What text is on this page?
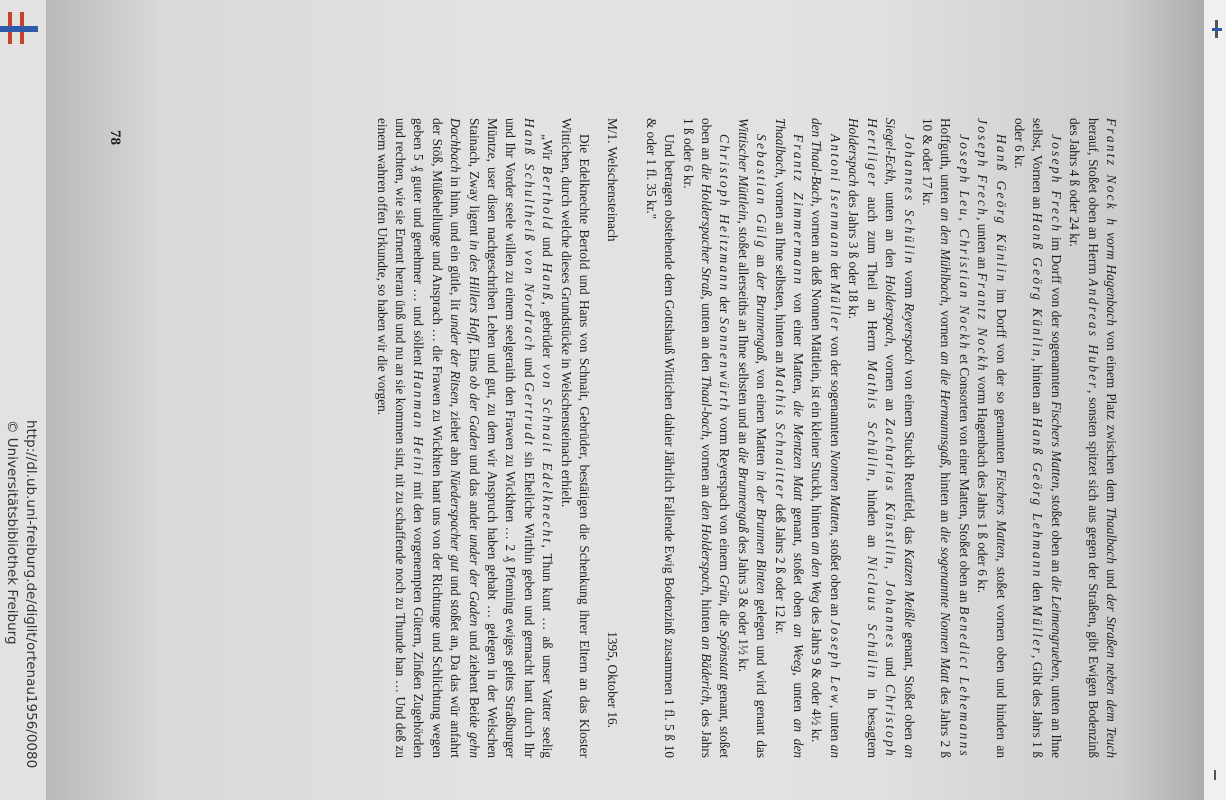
http://dl.ub.uni-freiburg.de/diglit/ortenau1956/0080
© Universitätsbibliothek Freiburg

Frantz Nock h vorm Hagenbach von einem Platz zwischen dem Thaalbach und der Straßen neben dem Teuch herauf, Stoßet oben an Herrn Andreas Huber, sonsten spitzet sich aus gegen der Straßen, gibt Ewigen Bodenzinß des Jahrs 4 ß oder 24 kr.

Joseph Frech im Dorff von der sogenannten Fischers Matten, stoßet oben an die Leimengrueben, unten an Ihne selbst, Vornen an Hanß Geörg Künlin, hinten an Hanß Geörg Lehmann den Müller, Gibt des Jahrs 1 ß oder 6 kr.

Hanß Geörg Künlin im Dorff von der so genannten Fischers Matten, stoßet vornen oben und hinden an Joseph Frech, unten an Frantz Nockh vorm Hagenbach des Jahrs 1 ß oder 6 kr.

Joseph Leu, Christian Nockh et Consorten von einer Matten, Stoßet oben an Benedict Lehemanns Hoffguth, unten an den Mühlbach, vornen an die Hermannsgaß, hinten an die sogenannte Nonnen Matt des Jahrs 2 ß 10 & oder 17 kr.

Johannes Schülin vorm Reyerspach von einem Stuckh Reutfeld, das Katzen Meißle genant, Stoßet oben an Siegel-Eckh, unten an den Holderspach, vornen an Zacharias Künstlin, Johannes und Christoph Hertliger auch zum Theil an Herrn Mathis Schülin, hinden an Niclaus Schülin in besagtem Holderspach des Jahrs 3 ß oder 18 kr.

Antoni Isenmann der Müller von der sogenannten Nonnen Matten, stoßet oben an Joseph Lew, unten an den Thaal-Bach, vornen an deß Nonnen Mättlein, ist ein kleiner Stuckh, hinten an den Weg des Jahrs 9 & oder 4½ kr.

Frantz Zimmermann von einer Matten, die Mentzen Matt genant, stoßet oben an Weeg, unten an den Thaalbach, vornen an Ihne selbsten, hinten an Mathis Schnaitter deß Jahrs 2 ß oder 12 kr.

Sebastian Gülg an der Brunnengaß, von einen Matten in der Brunnen Binten gelegen und wird genant das Wittischer Müttlein, stoßet allerseiths an Ihne selbsten und an die Brunnengaß des Jahrs 3 & oder 1½ kr.

Christoph Heitzmann der Sonnenwürth vorm Reyerspach von einem Grün, die Spönstatt genant, stoßet oben an die Holderspacher Straß, unten an den Thaal-bach, vornen an den Holderspach, hinten an Bäderich, des Jahrs 1 ß oder 6 kr.

Und betragen obstehende dem Gottshauß Wittichen dahier Jährlich Fallende Ewig Bodenzinß zusammen 1 fl. 5 ß 10 & oder 1 fl. 35 kr."

M/1. Welschensteinach
1395, Oktober 16.

Die Edelknechte Bertold und Hans von Schnait, Gebrüder, bestätigen die Schenkung ihrer Eltern an das Kloster Wittichen, durch welche dieses Grundstücke in Welschensteinach erhielt.

„Wir Berthold und Hanß, gebrüder von Schnait Edelknecht, Thun kunt … aß unser Vatter seelig Hanß Schultheiß von Nordrach und Gertrudt sin Eheliche Wirthin geben und gemacht hant durch Ihr und Ihr Vorder seele willen zu einem seelgeraith den Frawen zu Wickhten … 2 ₰ Pfenning ewiges geltes Straßburger Müntze, user disen nachgeschriben Lehen und gut, zu dem wir Anspruch haben gehabt … gelegen in der Welschen Stainach, Zway ligent in des Hillers Hoff, Eins ob der Gaden und das ander under der Gaden und ziehent Beide gehn Dachbach in hinn, und ein gütle, lit under der Ritsen, ziehet abn Nüederspacher gut und stoßet an, Da das wür anfahrt der Stöß, Müßehellunge und Ansprach … die Frawen zu Wickhten hant uns von der Richtunge und Schlichtung wegen geben 5 ₰ guter und genehmer … und söllent Hanman Heini mit den vorgenempten Gütern, Zinßen Zugehörden und rechten, wie sie Ernent heran ünß und nu an sie kommen sint, nit zu schaffende noch zu Thunde han … Und deß zu einem wahren offen Urkundte, so haben wir die vorgen.

78
